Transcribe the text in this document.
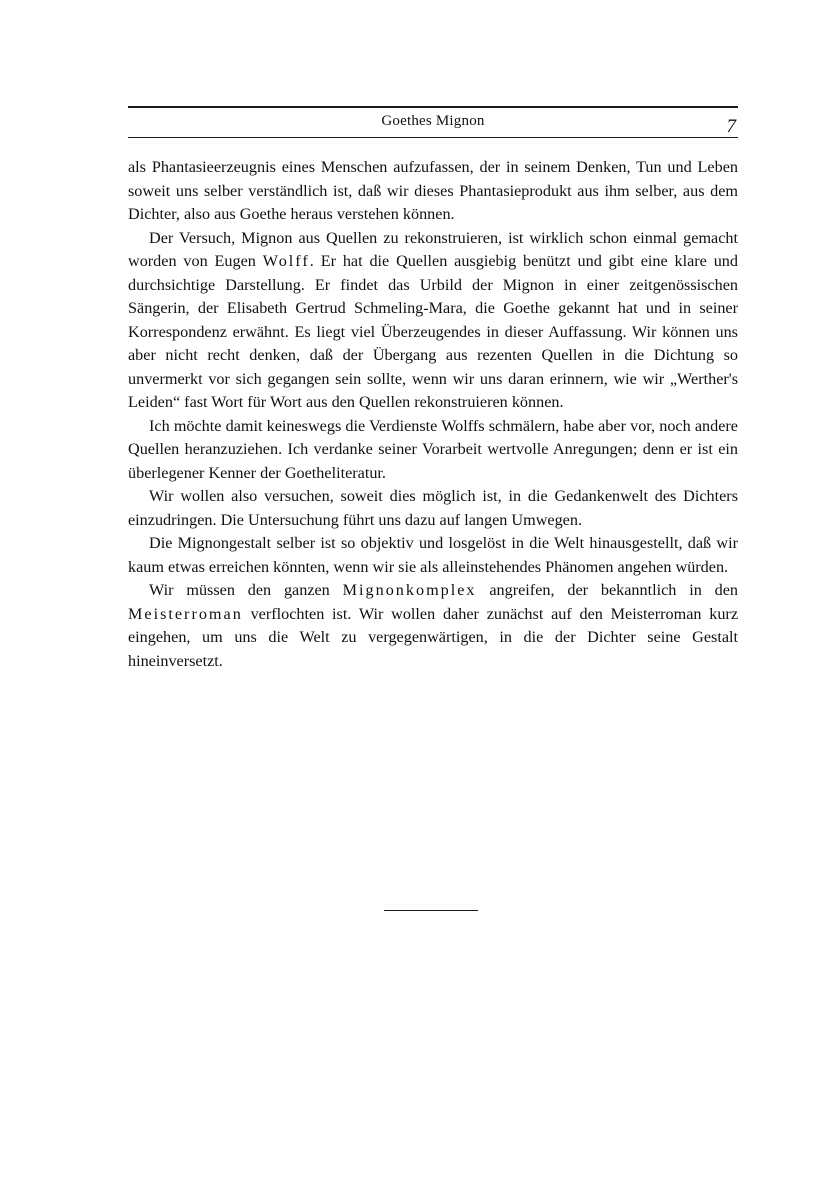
Goethes Mignon	7

als Phantasieerzeugnis eines Menschen aufzufassen, der in seinem Denken, Tun und Leben soweit uns selber verständlich ist, daß wir dieses Phantasieprodukt aus ihm selber, aus dem Dichter, also aus Goethe heraus verstehen können.

Der Versuch, Mignon aus Quellen zu rekonstruieren, ist wirklich schon einmal gemacht worden von Eugen Wolff. Er hat die Quellen ausgiebig benützt und gibt eine klare und durchsichtige Darstellung. Er findet das Urbild der Mignon in einer zeitgenössischen Sängerin, der Elisabeth Gertrud Schmeling-Mara, die Goethe gekannt hat und in seiner Korrespondenz erwähnt. Es liegt viel Überzeugendes in dieser Auffassung. Wir können uns aber nicht recht denken, daß der Übergang aus rezenten Quellen in die Dichtung so unvermerkt vor sich gegangen sein sollte, wenn wir uns daran erinnern, wie wir „Werther's Leiden“ fast Wort für Wort aus den Quellen rekonstruieren können.

Ich möchte damit keineswegs die Verdienste Wolffs schmälern, habe aber vor, noch andere Quellen heranzuziehen. Ich verdanke seiner Vorarbeit wertvolle Anregungen; denn er ist ein überlegener Kenner der Goetheliteratur.

Wir wollen also versuchen, soweit dies möglich ist, in die Gedankenwelt des Dichters einzudringen. Die Untersuchung führt uns dazu auf langen Umwegen.

Die Mignongestalt selber ist so objektiv und losgelöst in die Welt hinausgestellt, daß wir kaum etwas erreichen könnten, wenn wir sie als alleinstehendes Phänomen angehen würden.

Wir müssen den ganzen Mignonkomplex angreifen, der bekanntlich in den Meisterroman verflochten ist. Wir wollen daher zunächst auf den Meisterroman kurz eingehen, um uns die Welt zu vergegenwärtigen, in die der Dichter seine Gestalt hineinversetzt.
